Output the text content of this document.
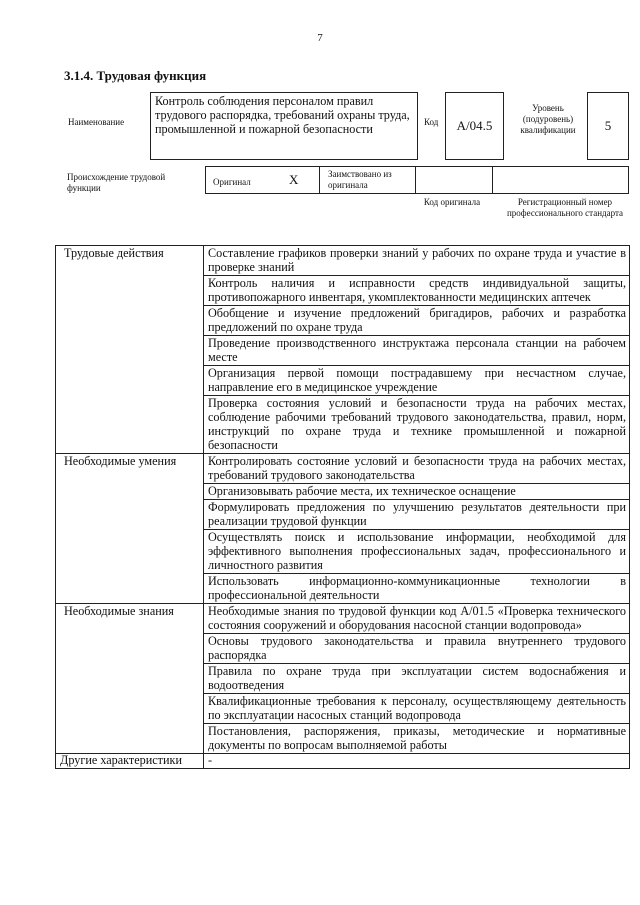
7
3.1.4. Трудовая функция
Наименование
Контроль соблюдения персоналом правил трудового распорядка, требований охраны труда, промышленной и пожарной безопасности	Код	A/04.5
Уровень (подуровень) квалификации	5
Происхождение трудовой функции
Оригинал	X	Заимствовано из оригинала
Код оригинала	Регистрационный номер профессионального стандарта
Трудовые действия	Составление графиков проверки знаний у рабочих по охране труда и участие в проверке знаний
	Контроль наличия и исправности средств индивидуальной защиты, противопожарного инвентаря, укомплектованности медицинских аптечек
	Обобщение и изучение предложений бригадиров, рабочих и разработка предложений по охране труда
	Проведение производственного инструктажа персонала станции на рабочем месте
	Организация первой помощи пострадавшему при несчастном случае, направление его в медицинское учреждение
	Проверка состояния условий и безопасности труда на рабочих местах, соблюдение рабочими требований трудового законодательства, правил, норм, инструкций по охране труда и технике промышленной и пожарной безопасности

Необходимые умения	Контролировать состояние условий и безопасности труда на рабочих местах, требований трудового законодательства
	Организовывать рабочие места, их техническое оснащение
	Формулировать предложения по улучшению результатов деятельности при реализации трудовой функции
	Осуществлять поиск и использование информации, необходимой для эффективного выполнения профессиональных задач, профессионального и личностного развития
	Использовать информационно-коммуникационные технологии в профессиональной деятельности

Необходимые знания	Необходимые знания по трудовой функции код A/01.5 «Проверка технического состояния сооружений и оборудования насосной станции водопровода»
	Основы трудового законодательства и правила внутреннего трудового распорядка
	Правила по охране труда при эксплуатации систем водоснабжения и водоотведения
	Квалификационные требования к персоналу, осуществляющему деятельность по эксплуатации насосных станций водопровода
	Постановления, распоряжения, приказы, методические и нормативные документы по вопросам выполняемой работы
Другие характеристики	-
